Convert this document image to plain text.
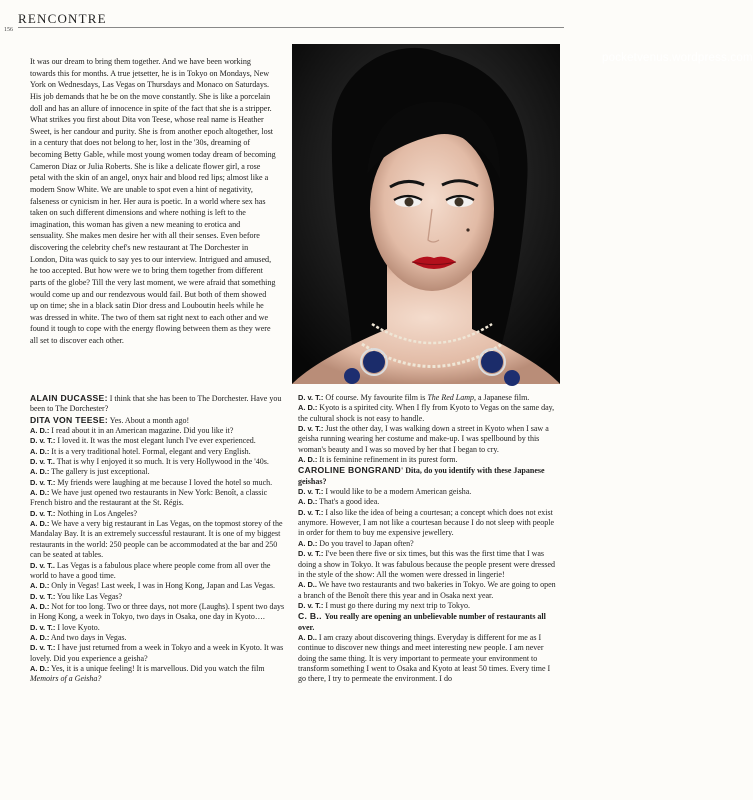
RENCONTRE
156
It was our dream to bring them together. And we have been working towards this for months. A true jetsetter, he is in Tokyo on Mondays, New York on Wednesdays, Las Vegas on Thursdays and Monaco on Saturdays. His job demands that he be on the move constantly. She is like a porcelain doll and has an allure of innocence in spite of the fact that she is a stripper. What strikes you first about Dita von Teese, whose real name is Heather Sweet, is her candour and purity. She is from another epoch altogether, lost in a century that does not belong to her, lost in the '30s, dreaming of becoming Betty Gable, while most young women today dream of becoming Cameron Diaz or Julia Roberts. She is like a delicate flower girl, a rose petal with the skin of an angel, onyx hair and blood red lips; almost like a modern Snow White. We are unable to spot even a hint of negativity, falseness or cynicism in her. Her aura is poetic. In a world where sex has taken on such different dimensions and where nothing is left to the imagination, this woman has given a new meaning to erotica and sensuality. She makes men desire her with all their senses. Even before discovering the celebrity chef's new restaurant at The Dorchester in London, Dita was quick to say yes to our interview. Intrigued and amused, he too accepted. But how were we to bring them together from different parts of the globe? Till the very last moment, we were afraid that something would come up and our rendezvous would fail. But both of them showed up on time; she in a black satin Dior dress and Louboutin heels while he was dressed in white. The two of them sat right next to each other and we found it tough to cope with the energy flowing between them as they were all set to discover each other.
pocketvenus.wordpress.com

ALAIN DUCASSE: I think that she has been to The Dorchester. Have you been to The Dorchester?

DITA VON TEESE: Yes. About a month ago!

A. D.: I read about it in an American magazine. Did you like it?

D. v. T.: I loved it. It was the most elegant lunch I've ever experienced.

A. D.: It is a very traditional hotel. Formal, elegant and very English.

D. v. T.. That is why I enjoyed it so much. It is very Hollywood in the '40s.

A. D.: The gallery is just exceptional.

D. v. T.: My friends were laughing at me because I loved the hotel so much.

A. D.: We have just opened two restaurants in New York: Benoît, a classic French bistro and the restaurant at the St. Régis.

D. v. T.: Nothing in Los Angeles?

A. D.: We have a very big restaurant in Las Vegas, on the topmost storey of the Mandalay Bay. It is an extremely successful restaurant. It is one of my biggest restaurants in the world: 250 people can be accommodated at the bar and 250 can be seated at tables.

D. v. T.. Las Vegas is a fabulous place where people come from all over the world to have a good time.

A. D.: Only in Vegas! Last week, I was in Hong Kong, Japan and Las Vegas.

D. v. T.: You like Las Vegas?

A. D.: Not for too long. Two or three days, not more (Laughs). I spent two days in Hong Kong, a week in Tokyo, two days in Osaka, one day in Kyoto….

D. v. T.: I love Kyoto.

A. D.: And two days in Vegas.

D. v. T.: I have just returned from a week in Tokyo and a week in Kyoto. It was lovely. Did you experience a geisha?

A. D.: Yes, it is a unique feeling! It is marvellous. Did you watch the film Memoirs of a Geisha?

D. v. T.: Of course. My favourite film is The Red Lamp, a Japanese film.

A. D.: Kyoto is a spirited city. When I fly from Kyoto to Vegas on the same day, the cultural shock is not easy to handle.

D. v. T.: Just the other day, I was walking down a street in Kyoto when I saw a geisha running wearing her costume and make-up. I was spellbound by this woman's beauty and I was so moved by her that I began to cry.

A. D.: It is feminine refinement in its purest form.

CAROLINE BONGRAND' Dita, do you identify with these Japanese geishas?

D. v. T.: I would like to be a modern American geisha.

A. D.: That's a good idea.

D. v. T.: I also like the idea of being a courtesan; a concept which does not exist anymore. However, I am not like a courtesan because I do not sleep with people in order for them to buy me expensive jewellery.

A. D.: Do you travel to Japan often?

D. v. T.: I've been there five or six times, but this was the first time that I was doing a show in Tokyo. It was fabulous because the people present were dressed in the style of the show: All the women were dressed in lingerie!

A. D.. We have two restaurants and two bakeries in Tokyo. We are going to open a branch of the Benoît there this year and in Osaka next year.

D. v. T.: I must go there during my next trip to Tokyo.

C. B.. You really are opening an unbelievable number of restaurants all over.

A. D.. I am crazy about discovering things. Everyday is different for me as I continue to discover new things and meet interesting new people. I am never doing the same thing. It is very important to permeate your environment to transform something I went to Osaka and Kyoto at least 50 times. Every time I go there, I try to permeate the environment. I do
